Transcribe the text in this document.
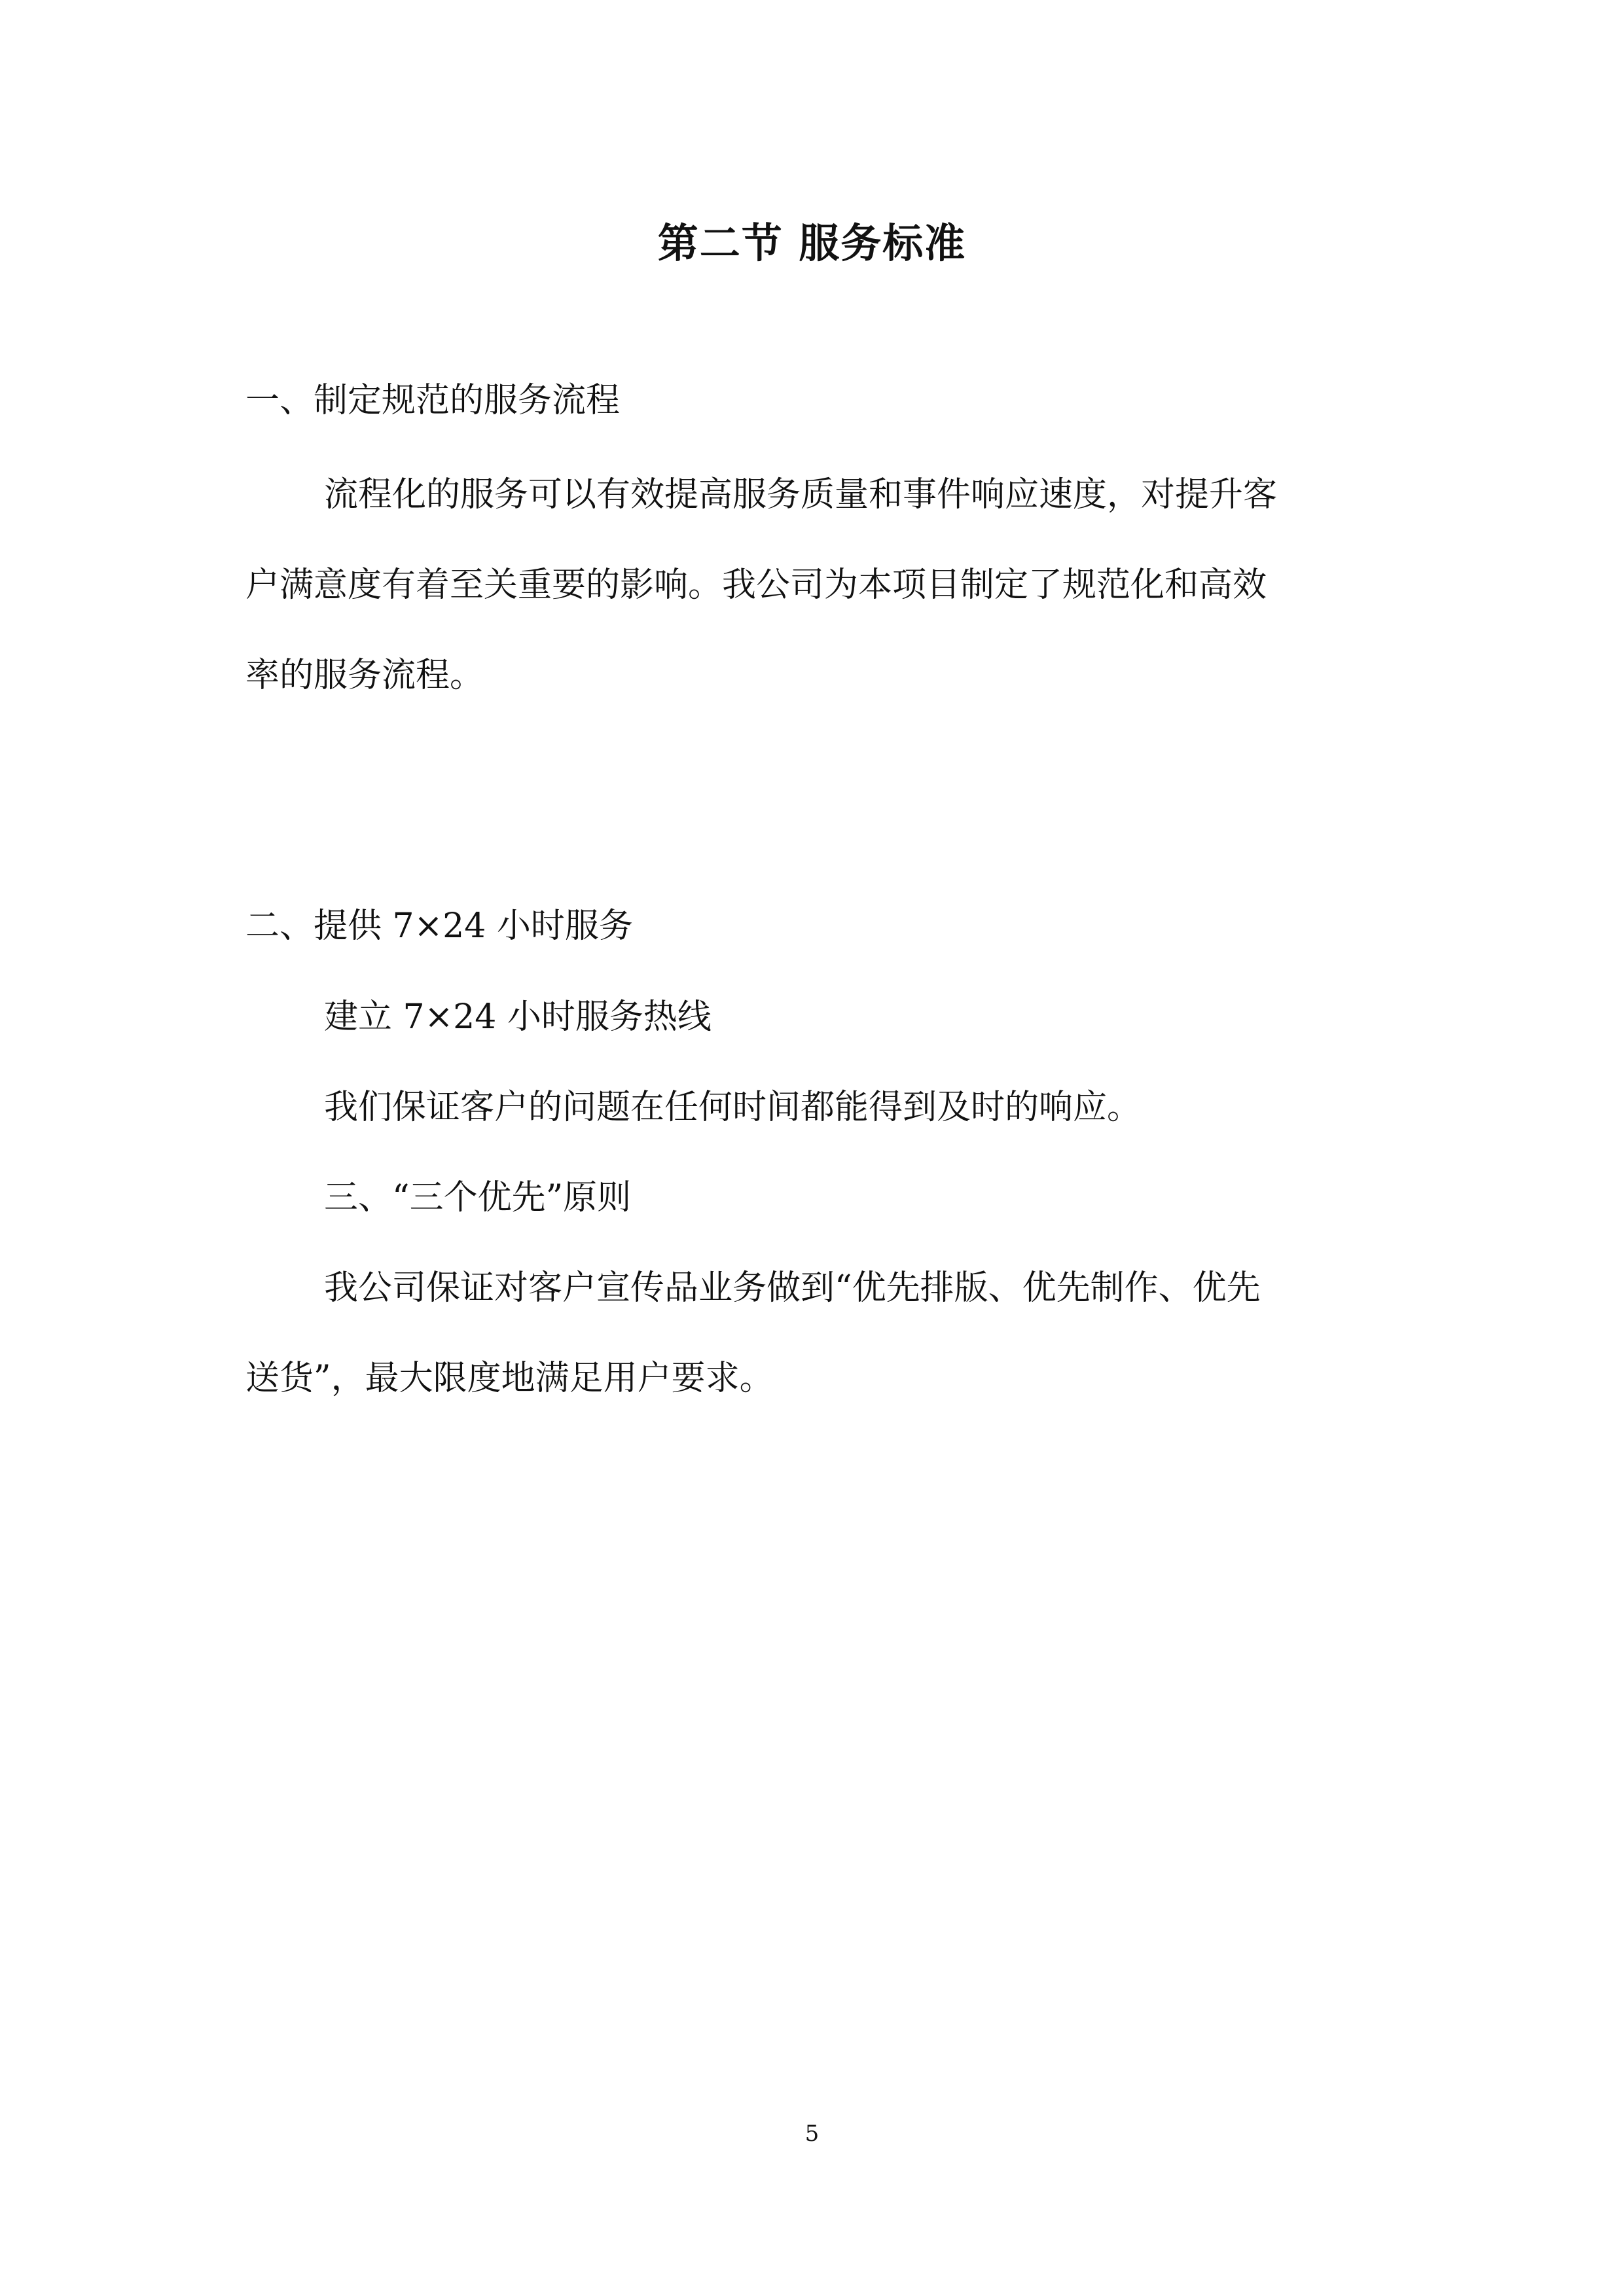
第二节 服务标准

一、制定规范的服务流程

流程化的服务可以有效提高服务质量和事件响应速度，对提升客

户满意度有着至关重要的影响。我公司为本项目制定了规范化和高效

率的服务流程。

二、提供 7×24 小时服务

建立 7×24 小时服务热线

我们保证客户的问题在任何时间都能得到及时的响应。

三、“三个优先”原则

我公司保证对客户宣传品业务做到“优先排版、优先制作、优先

送货”，最大限度地满足用户要求。

5
